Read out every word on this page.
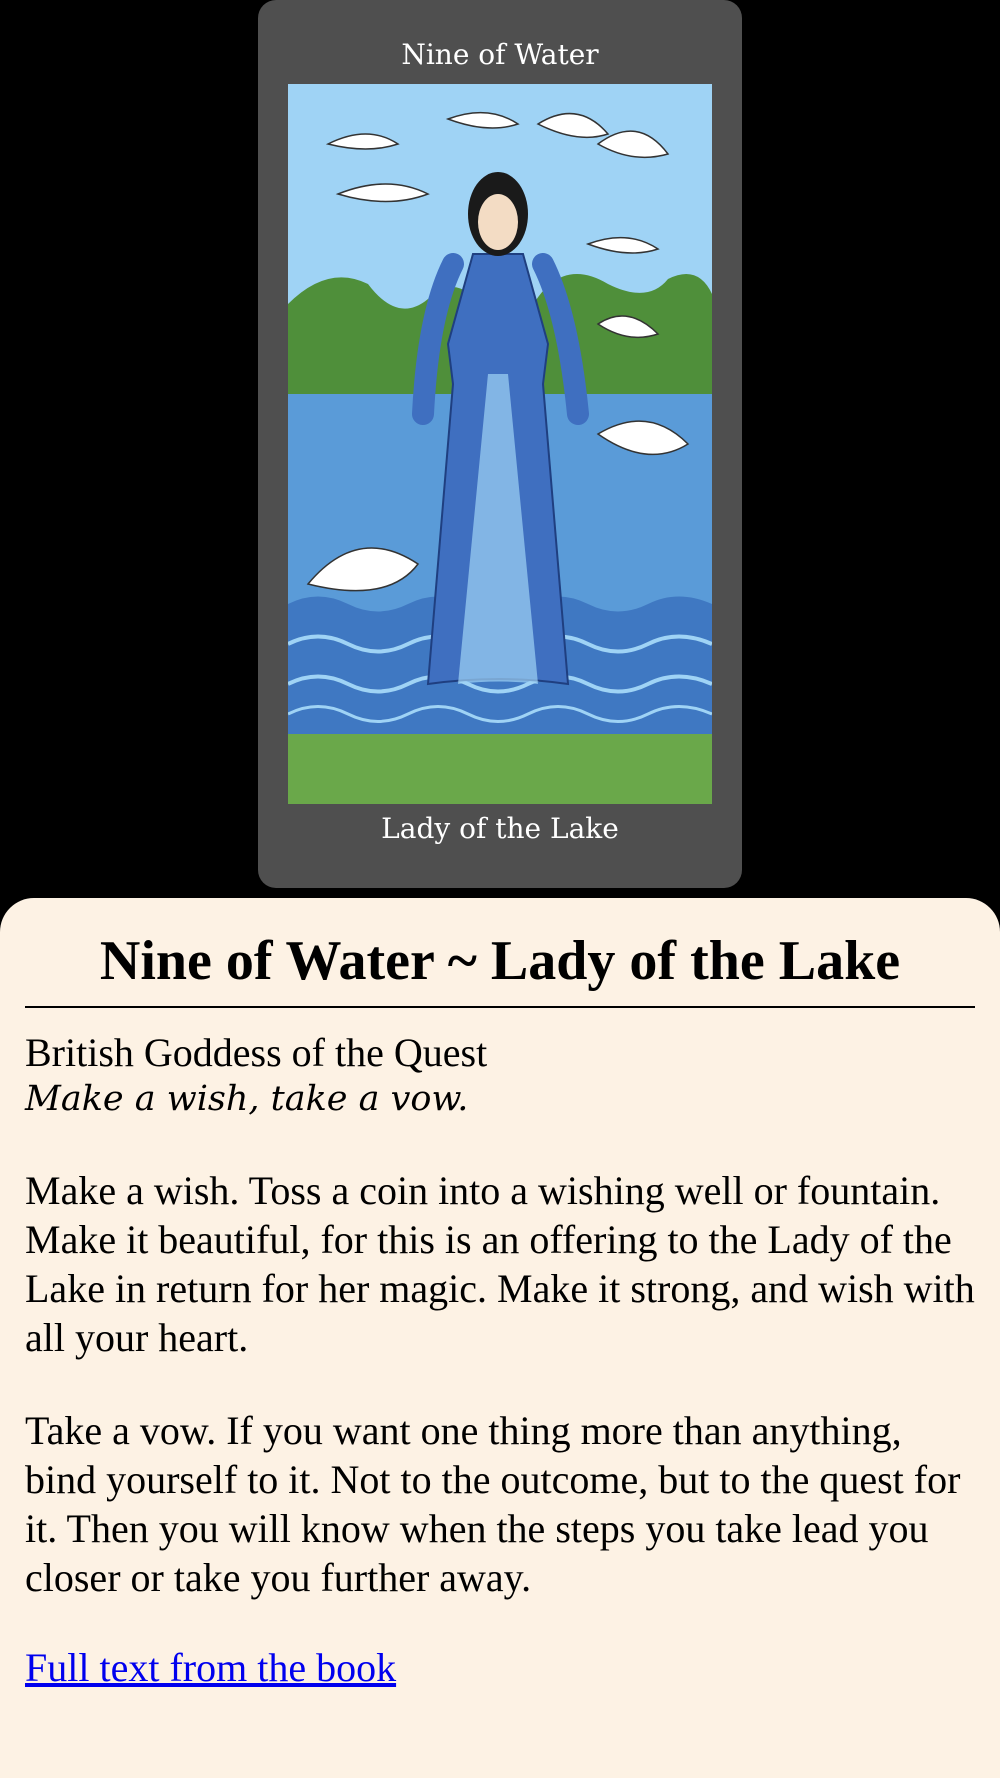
Nine of Water
Lady of the Lake
Nine of Water ~ Lady of the Lake
British Goddess of the Quest
Make a wish, take a vow.

Make a wish. Toss a coin into a wishing well or fountain. Make it beautiful, for this is an offering to the Lady of the Lake in return for her magic. Make it strong, and wish with all your heart.

Take a vow. If you want one thing more than anything, bind yourself to it. Not to the outcome, but to the quest for it. Then you will know when the steps you take lead you closer or take you further away.

Full text from the book
